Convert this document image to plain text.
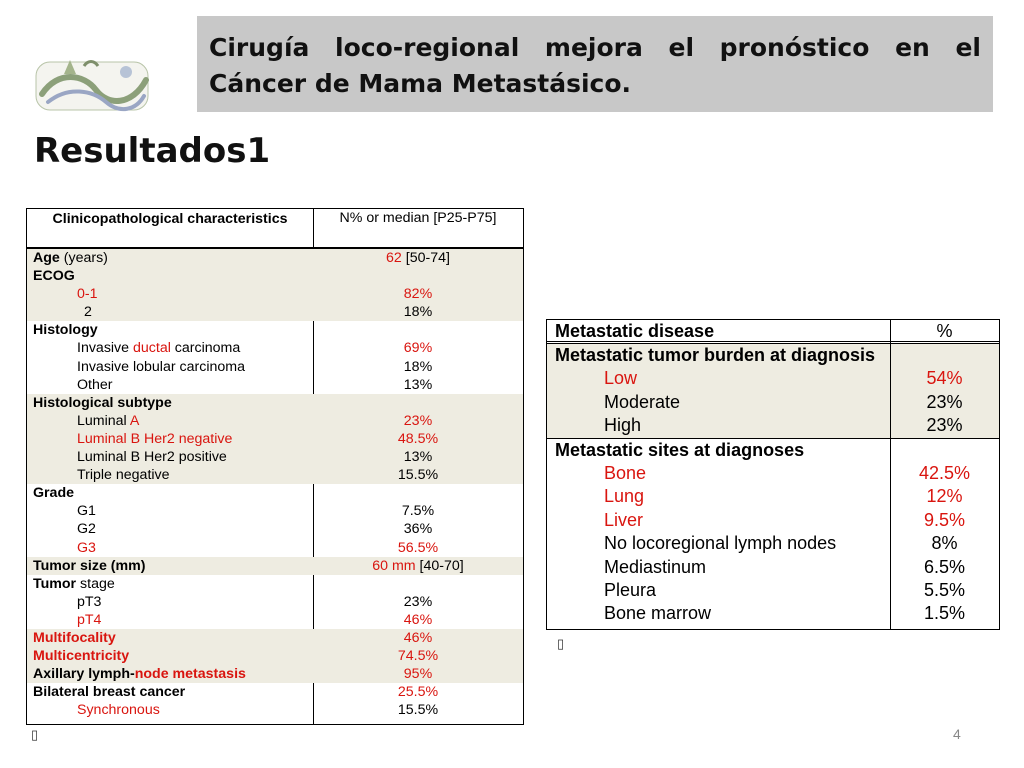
Cirugía loco-regional mejora el pronóstico en el
Cáncer de Mama Metastásico.
Resultados1
Clinicopathological characteristics	N% or median [P25-P75]
Age (years)	62 [50-74]
ECOG
0-1	82%
2	18%
Histology
Invasive ductal carcinoma	69%
Invasive lobular carcinoma	18%
Other	13%
Histological subtype
Luminal A	23%
Luminal B Her2 negative	48.5%
Luminal B Her2 positive	13%
Triple negative	15.5%
Grade
G1	7.5%
G2	36%
G3	56.5%
Tumor size (mm)	60 mm [40-70]
Tumor stage
pT3	23%
pT4	46%
Multifocality	46%
Multicentricity	74.5%
Axillary lymph-node metastasis	95%
Bilateral breast cancer	25.5%
Synchronous	15.5%
Metastatic disease	%
Metastatic tumor burden at diagnosis
Low	54%
Moderate	23%
High	23%
Metastatic sites at diagnoses
Bone	42.5%
Lung	12%
Liver	9.5%
No locoregional lymph nodes	8%
Mediastinum	6.5%
Pleura	5.5%
Bone marrow	1.5%
▯
▯	4
